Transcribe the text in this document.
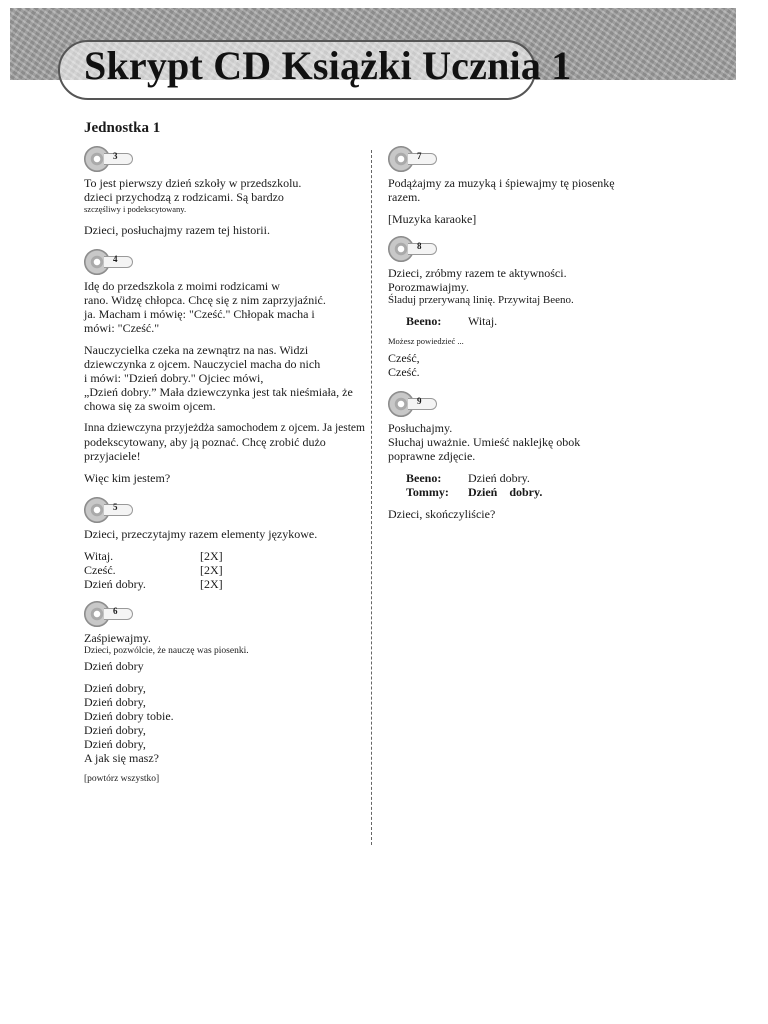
Skrypt CD Książki Ucznia 1
Jednostka 1
3

To jest pierwszy dzień szkoły w przedszkolu.

dzieci przychodzą z rodzicami. Są bardzo

szczęśliwy i podekscytowany.

Dzieci, posłuchajmy razem tej historii.

4

Idę do przedszkola z moimi rodzicami w

rano. Widzę chłopca. Chcę się z nim zaprzyjaźnić.

ja. Macham i mówię: "Cześć." Chłopak macha i

mówi: "Cześć."

Nauczycielka czeka na zewnątrz na nas. Widzi

dziewczynka z ojcem. Nauczyciel macha do nich

i mówi: "Dzień dobry." Ojciec mówi,

„Dzień dobry.” Mała dziewczynka jest tak nieśmiała, że

chowa się za swoim ojcem.

Inna dziewczyna przyjeżdża samochodem z ojcem. Ja jestem

podekscytowany, aby ją poznać. Chcę zrobić dużo

przyjaciele!

Więc kim jestem?

5

Dzieci, przeczytajmy razem elementy językowe.

Witaj.	[2X]
Cześć.	[2X]
Dzień dobry.	[2X]
6

Zaśpiewajmy.

Dzieci, pozwólcie, że nauczę was piosenki.

Dzień dobry

Dzień dobry,

Dzień dobry,

Dzień dobry tobie.

Dzień dobry,

Dzień dobry,

A jak się masz?

[powtórz wszystko]

7

Podążajmy za muzyką i śpiewajmy tę piosenkę

razem.

[Muzyka karaoke]

8

Dzieci, zróbmy razem te aktywności.

Porozmawiajmy.

Śladuj przerywaną linię. Przywitaj Beeno.

Beeno:	Witaj.

Możesz powiedzieć ...

Cześć,

Cześć.

9

Posłuchajmy.

Słuchaj uważnie. Umieść naklejkę obok

poprawne zdjęcie.

Beeno:	Dzień dobry.
Tommy:	Dzień    dobry.

Dzieci, skończyliście?
